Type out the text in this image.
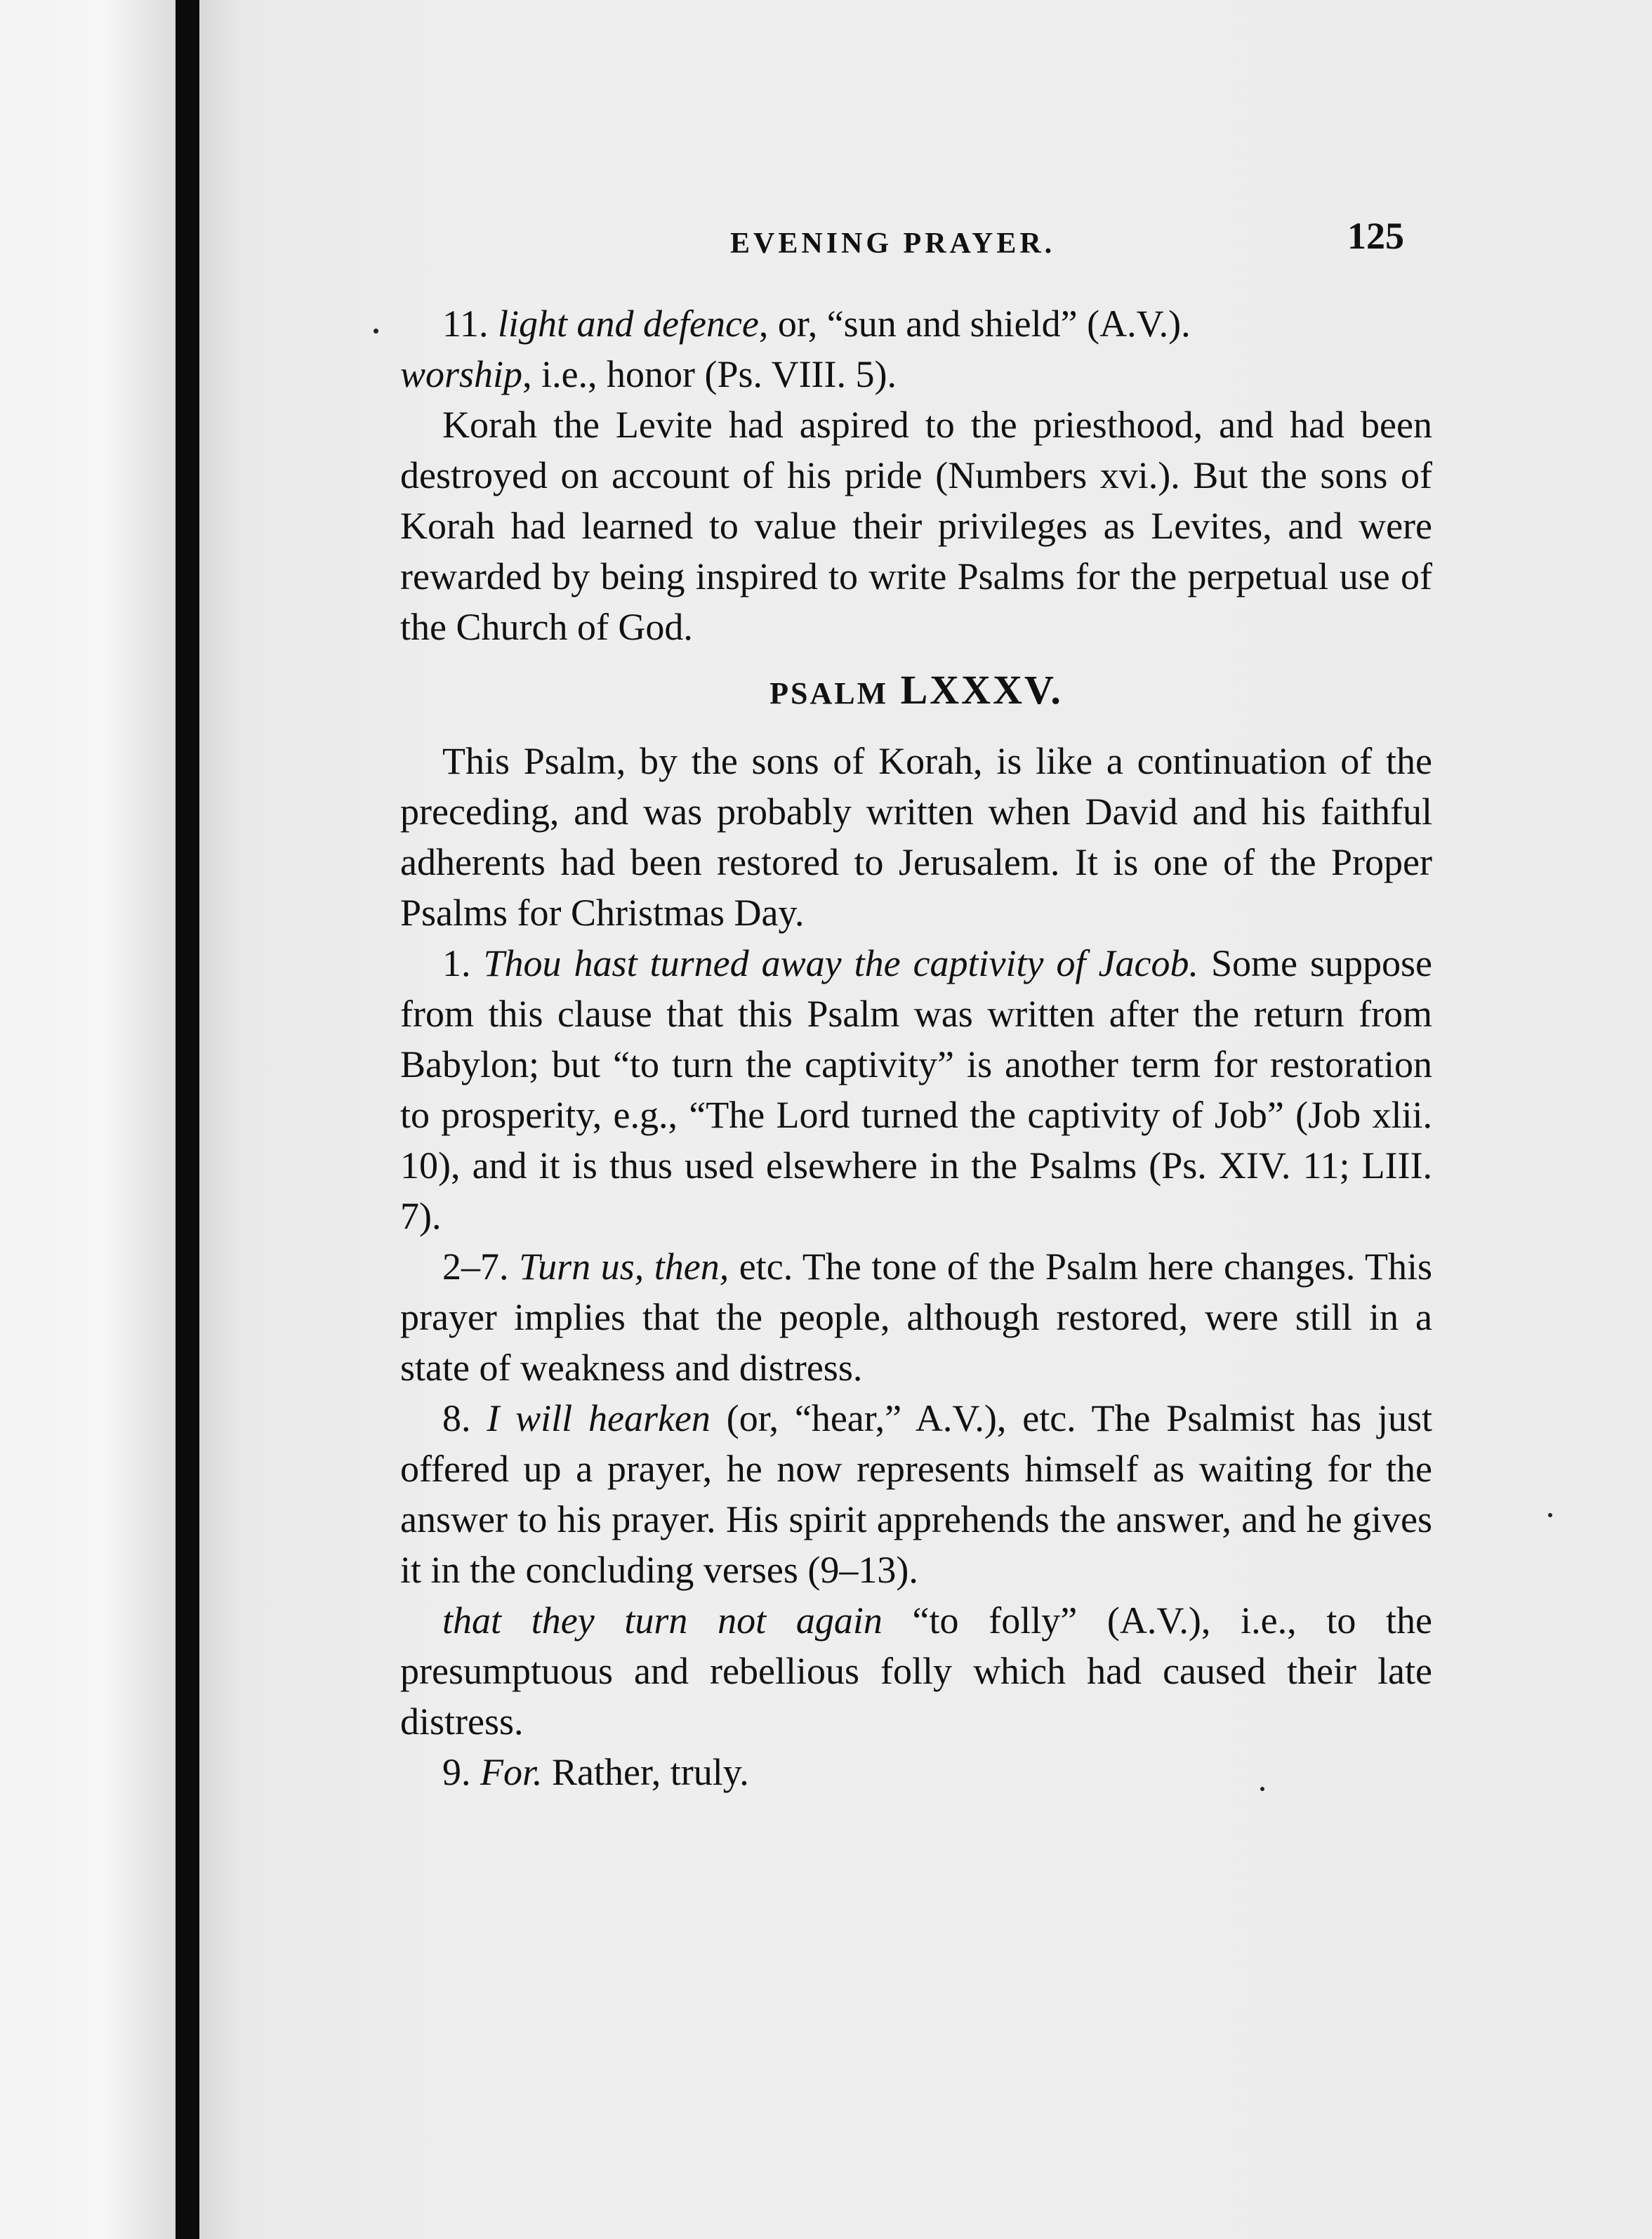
EVENING PRAYER.	125

11. light and defence, or, “sun and shield” (A.V.).

worship, i.e., honor (Ps. VIII. 5).

Korah the Levite had aspired to the priesthood, and had been destroyed on account of his pride (Numbers xvi.). But the sons of Korah had learned to value their privileges as Levites, and were rewarded by being inspired to write Psalms for the perpetual use of the Church of God.

PSALM LXXXV.

This Psalm, by the sons of Korah, is like a continuation of the preceding, and was probably written when David and his faithful adherents had been restored to Jerusalem. It is one of the Proper Psalms for Christmas Day.

1. Thou hast turned away the captivity of Jacob. Some suppose from this clause that this Psalm was written after the return from Babylon; but “to turn the captivity” is another term for restoration to prosperity, e.g., “The Lord turned the captivity of Job” (Job xlii. 10), and it is thus used elsewhere in the Psalms (Ps. XIV. 11; LIII. 7).

2–7. Turn us, then, etc. The tone of the Psalm here changes. This prayer implies that the people, although restored, were still in a state of weakness and distress.

8. I will hearken (or, “hear,” A.V.), etc. The Psalmist has just offered up a prayer, he now represents himself as waiting for the answer to his prayer. His spirit apprehends the answer, and he gives it in the concluding verses (9–13).

that they turn not again “to folly” (A.V.), i.e., to the presumptuous and rebellious folly which had caused their late distress.

9. For. Rather, truly.
